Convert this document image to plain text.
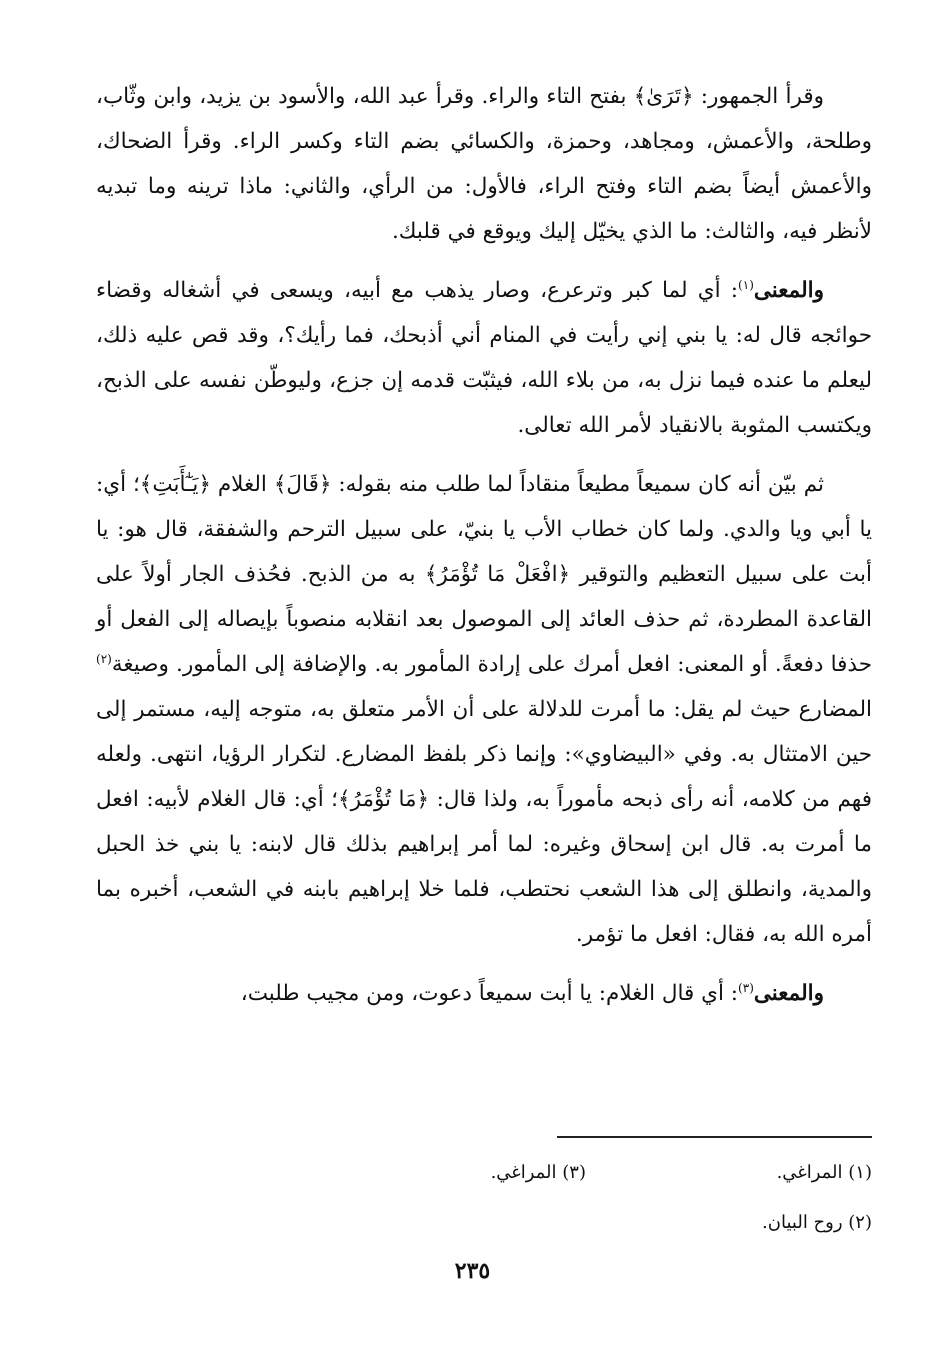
وقرأ الجمهور: ﴿تَرَىٰ﴾ بفتح التاء والراء. وقرأ عبد الله، والأسود بن يزيد، وابن وثّاب، وطلحة، والأعمش، ومجاهد، وحمزة، والكسائي بضم التاء وكسر الراء. وقرأ الضحاك، والأعمش أيضاً بضم التاء وفتح الراء، فالأول: من الرأي، والثاني: ماذا ترينه وما تبديه لأنظر فيه، والثالث: ما الذي يخيّل إليك ويوقع في قلبك.

والمعنى$^{(١)}$: أي لما كبر وترعرع، وصار يذهب مع أبيه، ويسعى في أشغاله وقضاء حوائجه قال له: يا بني إني رأيت في المنام أني أذبحك، فما رأيك؟، وقد قص عليه ذلك، ليعلم ما عنده فيما نزل به، من بلاء الله، فيثبّت قدمه إن جزع، وليوطّن نفسه على الذبح، ويكتسب المثوبة بالانقياد لأمر الله تعالى.

ثم بيّن أنه كان سميعاً مطيعاً منقاداً لما طلب منه بقوله: ﴿قَالَ﴾ الغلام ﴿يَـٰٓأَبَتِ﴾؛ أي: يا أبي ويا والدي. ولما كان خطاب الأب يا بنيّ، على سبيل الترحم والشفقة، قال هو: يا أبت على سبيل التعظيم والتوقير ﴿افْعَلْ مَا تُؤْمَرُ﴾ به من الذبح. فحُذف الجار أولاً على القاعدة المطردة، ثم حذف العائد إلى الموصول بعد انقلابه منصوباً بإيصاله إلى الفعل أو حذفا دفعةً. أو المعنى: افعل أمرك على إرادة المأمور به. والإضافة إلى المأمور. وصيغة$^{(٢)}$ المضارع حيث لم يقل: ما أمرت للدلالة على أن الأمر متعلق به، متوجه إليه، مستمر إلى حين الامتثال به. وفي «البيضاوي»: وإنما ذكر بلفظ المضارع. لتكرار الرؤيا، انتهى. ولعله فهم من كلامه، أنه رأى ذبحه مأموراً به، ولذا قال: ﴿مَا تُؤْمَرُ﴾؛ أي: قال الغلام لأبيه: افعل ما أمرت به. قال ابن إسحاق وغيره: لما أمر إبراهيم بذلك قال لابنه: يا بني خذ الحبل والمدية، وانطلق إلى هذا الشعب نحتطب، فلما خلا إبراهيم بابنه في الشعب، أخبره بما أمره الله به، فقال: افعل ما تؤمر.

والمعنى$^{(٣)}$: أي قال الغلام: يا أبت سميعاً دعوت، ومن مجيب طلبت،

(١) المراغي.
(٣) المراغي.
(٢) روح البيان.
٢٣٥
